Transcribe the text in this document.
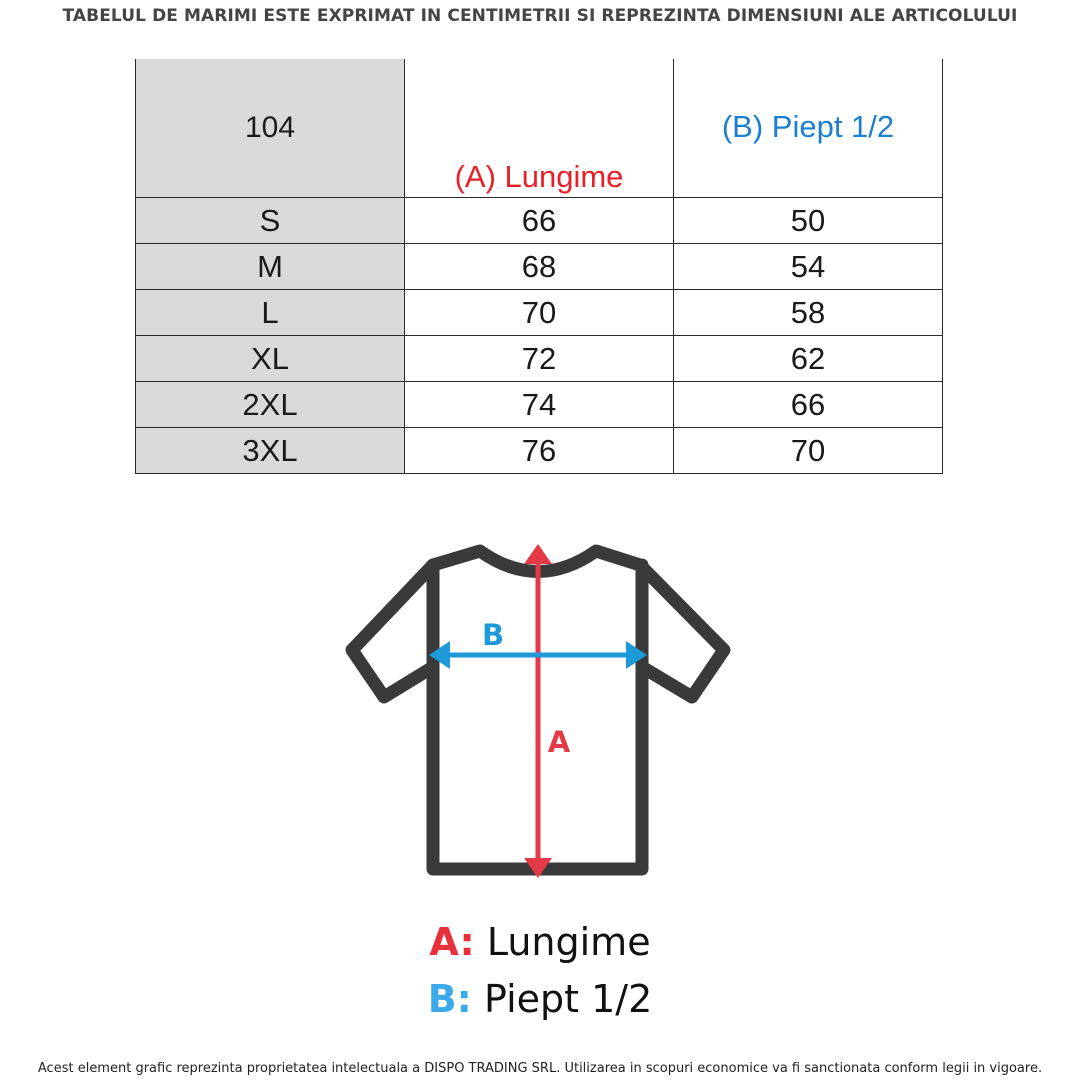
TABELUL DE MARIMI ESTE EXPRIMAT IN CENTIMETRII SI REPREZINTA DIMENSIUNI ALE ARTICOLULUI
104	(A) Lungime	(B) Piept 1/2
S	66	50
M	68	54
L	70	58
XL	72	62
2XL	74	66
3XL	76	70
B
A
A: Lungime
B: Piept 1/2
Acest element grafic reprezinta proprietatea intelectuala a DISPO TRADING SRL. Utilizarea in scopuri economice va fi sanctionata conform legii in vigoare.
